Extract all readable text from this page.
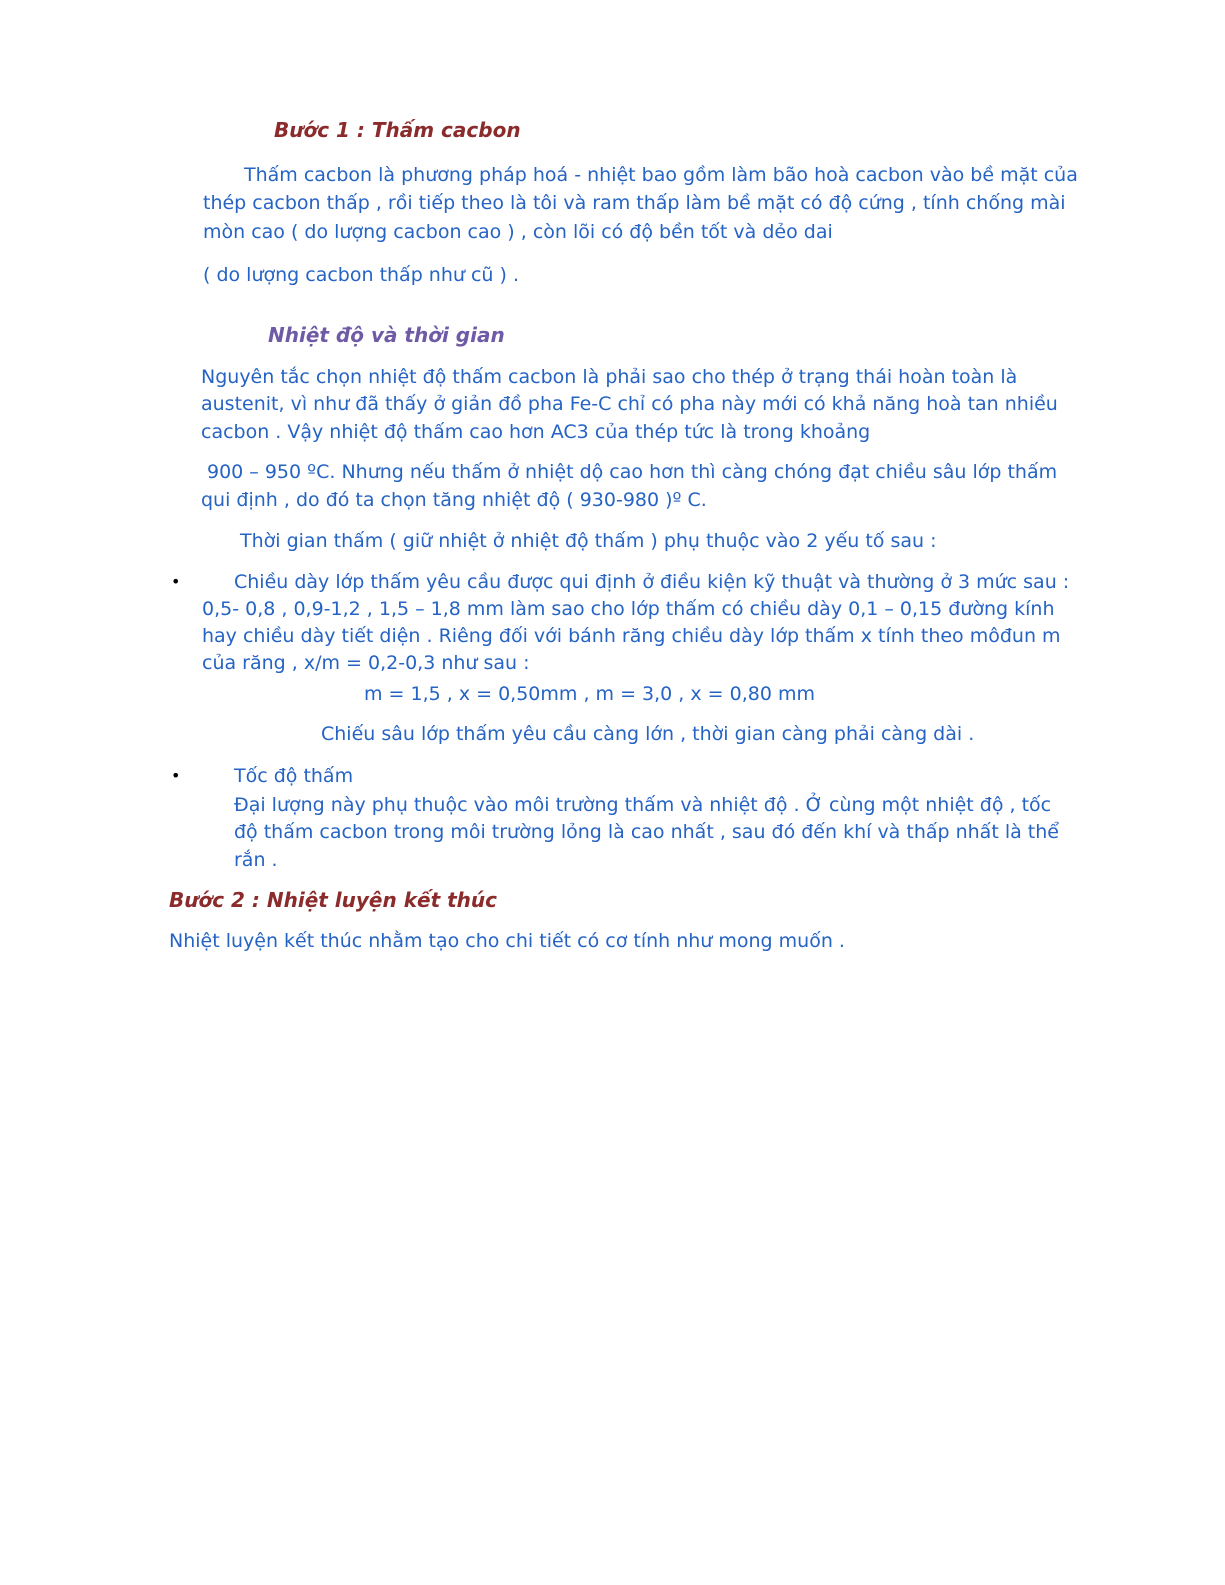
Bước 1 : Thấm cacbon
Thấm cacbon là phương pháp hoá - nhiệt bao gồm làm bão hoà cacbon vào bề mặt của
thép cacbon thấp , rồi tiếp theo là tôi và ram thấp làm bề mặt có độ cứng , tính chống mài
mòn cao ( do lượng cacbon cao ) , còn lõi có độ bền tốt và dẻo dai
( do lượng cacbon thấp như cũ ) .
Nhiệt độ và thời gian
Nguyên tắc chọn nhiệt độ thấm cacbon là phải sao cho thép ở trạng thái hoàn toàn là
austenit, vì như đã thấy ở giản đồ pha Fe-C chỉ có pha này mới có khả năng hoà tan nhiều
cacbon . Vậy nhiệt độ thấm cao hơn AC3 của thép tức là trong khoảng
900 – 950 ºC. Nhưng nếu thấm ở nhiệt dộ cao hơn thì càng chóng đạt chiều sâu lớp thấm
qui định , do đó ta chọn tăng nhiệt độ ( 930-980 )º C.
Thời gian thấm ( giữ nhiệt ở nhiệt độ thấm ) phụ thuộc vào 2 yếu tố sau :
•	Chiều dày lớp thấm yêu cầu được qui định ở điều kiện kỹ thuật và thường ở 3 mức sau :
0,5- 0,8 , 0,9-1,2 , 1,5 – 1,8 mm làm sao cho lớp thấm có chiều dày 0,1 – 0,15 đường kính
hay chiều dày tiết diện . Riêng đối với bánh răng chiều dày lớp thấm x tính theo môđun m
của răng , x/m = 0,2-0,3 như sau :
m = 1,5 , x = 0,50mm , m = 3,0 , x = 0,80 mm
Chiếu sâu lớp thấm yêu cầu càng lớn , thời gian càng phải càng dài .
•	Tốc độ thấm
Đại lượng này phụ thuộc vào môi trường thấm và nhiệt độ . Ở cùng một nhiệt độ , tốc
độ thấm cacbon trong môi trường lỏng là cao nhất , sau đó đến khí và thấp nhất là thể
rắn .
Bước 2 : Nhiệt luyện kết thúc
Nhiệt luyện kết thúc nhằm tạo cho chi tiết có cơ tính như mong muốn .
